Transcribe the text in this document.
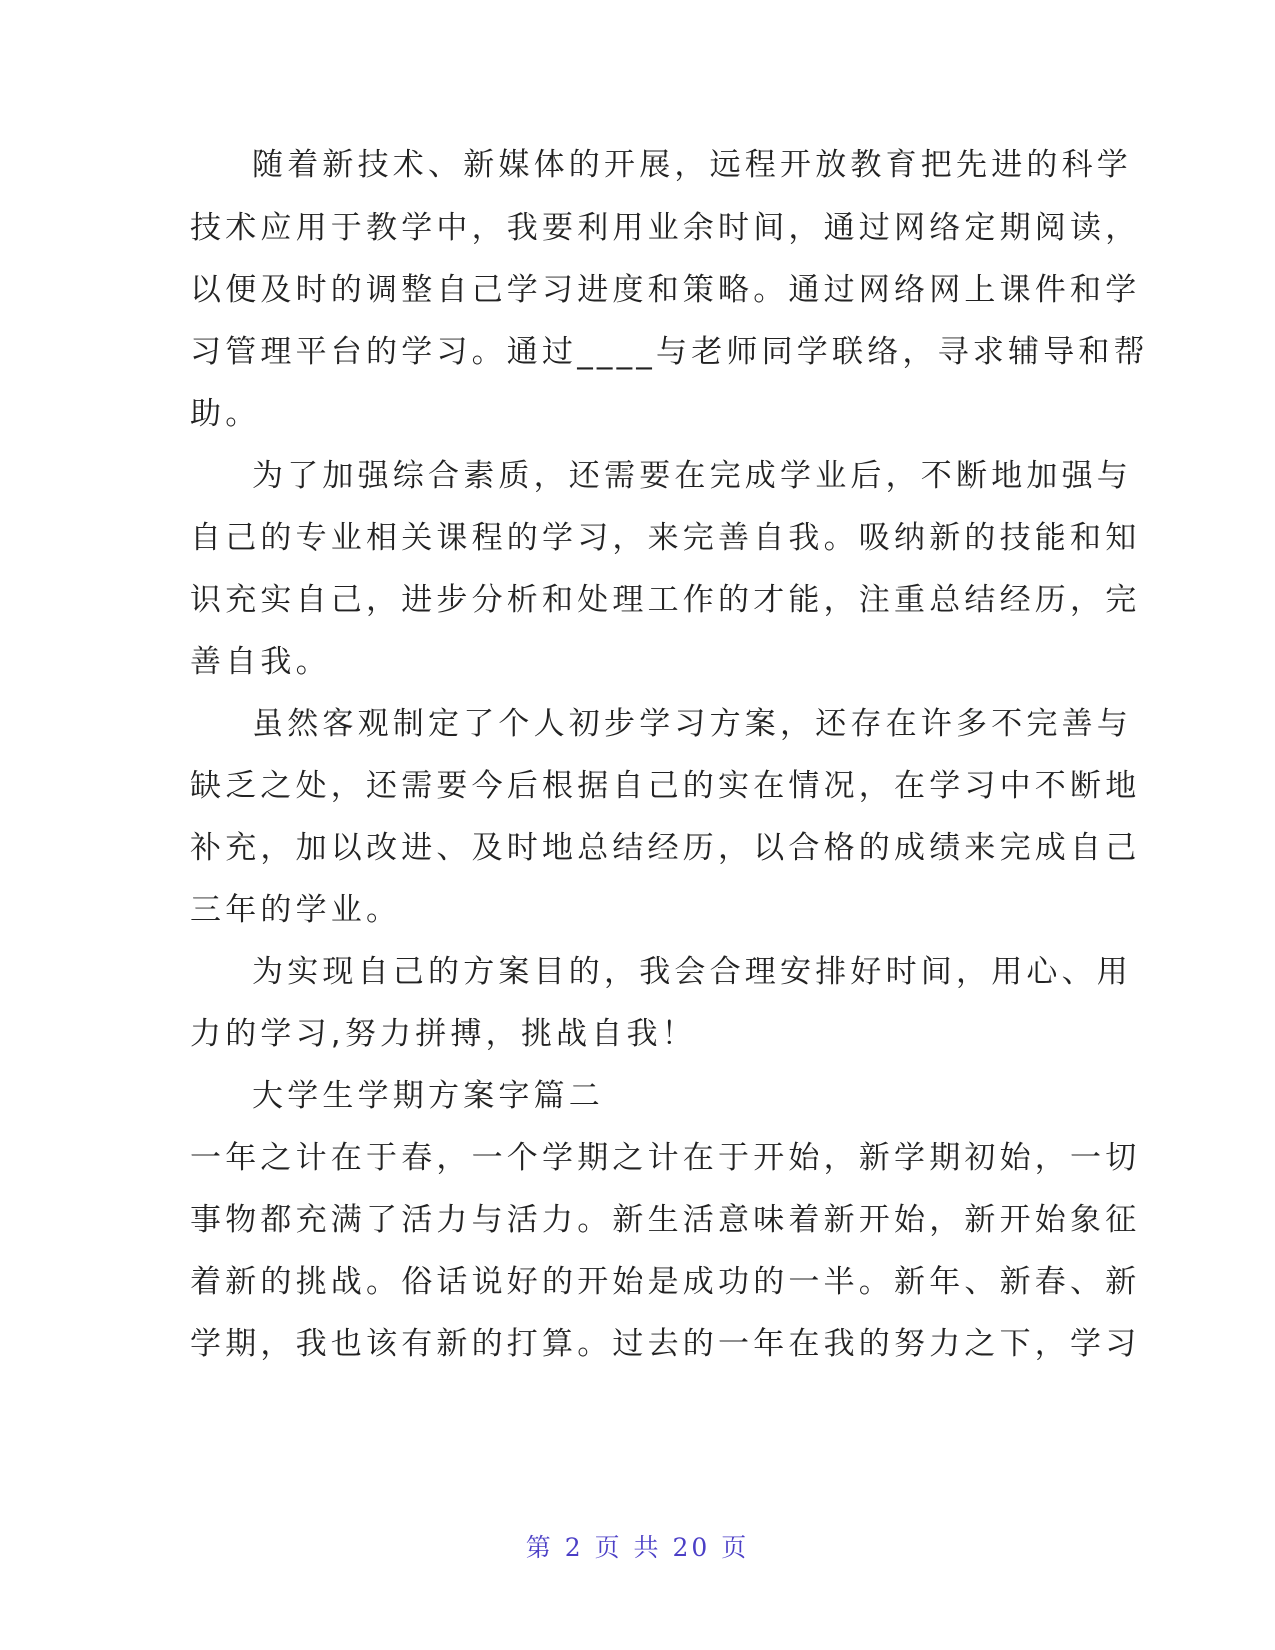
随着新技术、新媒体的开展，远程开放教育把先进的科学
技术应用于教学中，我要利用业余时间，通过网络定期阅读，
以便及时的调整自己学习进度和策略。通过网络网上课件和学
习管理平台的学习。通过____与老师同学联络，寻求辅导和帮
助。
为了加强综合素质，还需要在完成学业后，不断地加强与
自己的专业相关课程的学习，来完善自我。吸纳新的技能和知
识充实自己，进步分析和处理工作的才能，注重总结经历，完
善自我。
虽然客观制定了个人初步学习方案，还存在许多不完善与
缺乏之处，还需要今后根据自己的实在情况，在学习中不断地
补充，加以改进、及时地总结经历，以合格的成绩来完成自己
三年的学业。
为实现自己的方案目的，我会合理安排好时间，用心、用
力的学习,努力拼搏，挑战自我！
大学生学期方案字篇二
一年之计在于春，一个学期之计在于开始，新学期初始，一切
事物都充满了活力与活力。新生活意味着新开始，新开始象征
着新的挑战。俗话说好的开始是成功的一半。新年、新春、新
学期，我也该有新的打算。过去的一年在我的努力之下，学习
第 2 页 共 20 页
